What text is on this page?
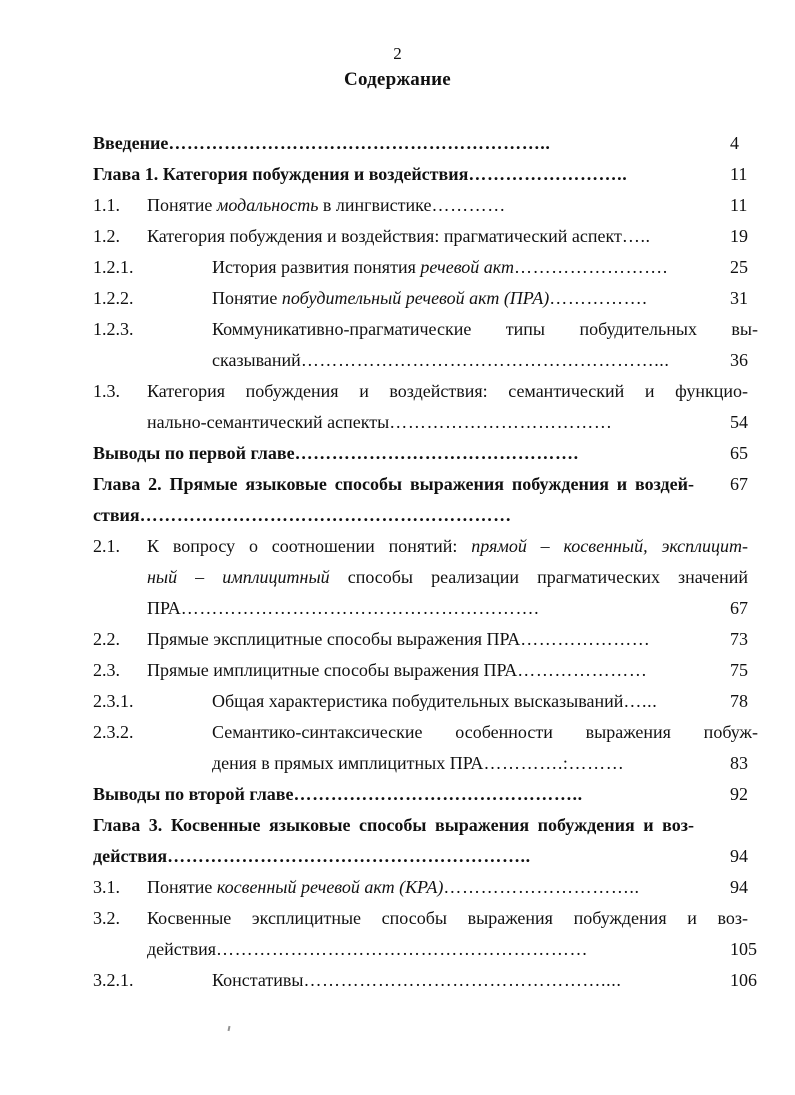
2
Содержание
Введение……………………………………………………..	4
Глава 1. Категория побуждения и воздействия……………………..	11
1.1. Понятие модальность в лингвистике…………	11
1.2. Категория побуждения и воздействия: прагматический аспект…..	19
1.2.1.	История развития понятия речевой акт…………………….	25
1.2.2.	Понятие побудительный речевой акт (ПРА)…………….	31
1.2.3.	Коммуникативно-прагматические типы побудительных вы-
сказываний…………………………………………………...	36
1.3. Категория побуждения и воздействия: семантический и функцио-
нально-семантический аспекты………………………………	54
Выводы по первой главе……………………………………….	65
Глава 2. Прямые языковые способы выражения побуждения и воздей- 67
ствия……………………………………………………
2.1. К вопросу о соотношении понятий: прямой – косвенный, эксплицит-
ный – имплицитный способы реализации прагматических значений
ПРА………………………………………………….	67
2.2. Прямые эксплицитные способы выражения ПРА…………………	73
2.3. Прямые имплицитные способы выражения ПРА…………………	75
2.3.1.	Общая характеристика побудительных высказываний…...	78
2.3.2.	Семантико-синтаксические особенности выражения побуж-
дения в прямых имплицитных ПРА………….:………	83
Выводы по второй главе………………………………………..	92
Глава 3. Косвенные языковые способы выражения побуждения и воз-
действия…………………………………………………..	94
3.1. Понятие косвенный речевой акт (КРА)…………………………..	94
3.2. Косвенные эксплицитные способы выражения побуждения и воз-
действия……………………………………………………	105
3.2.1.	Констативы…………………………………………....	106
